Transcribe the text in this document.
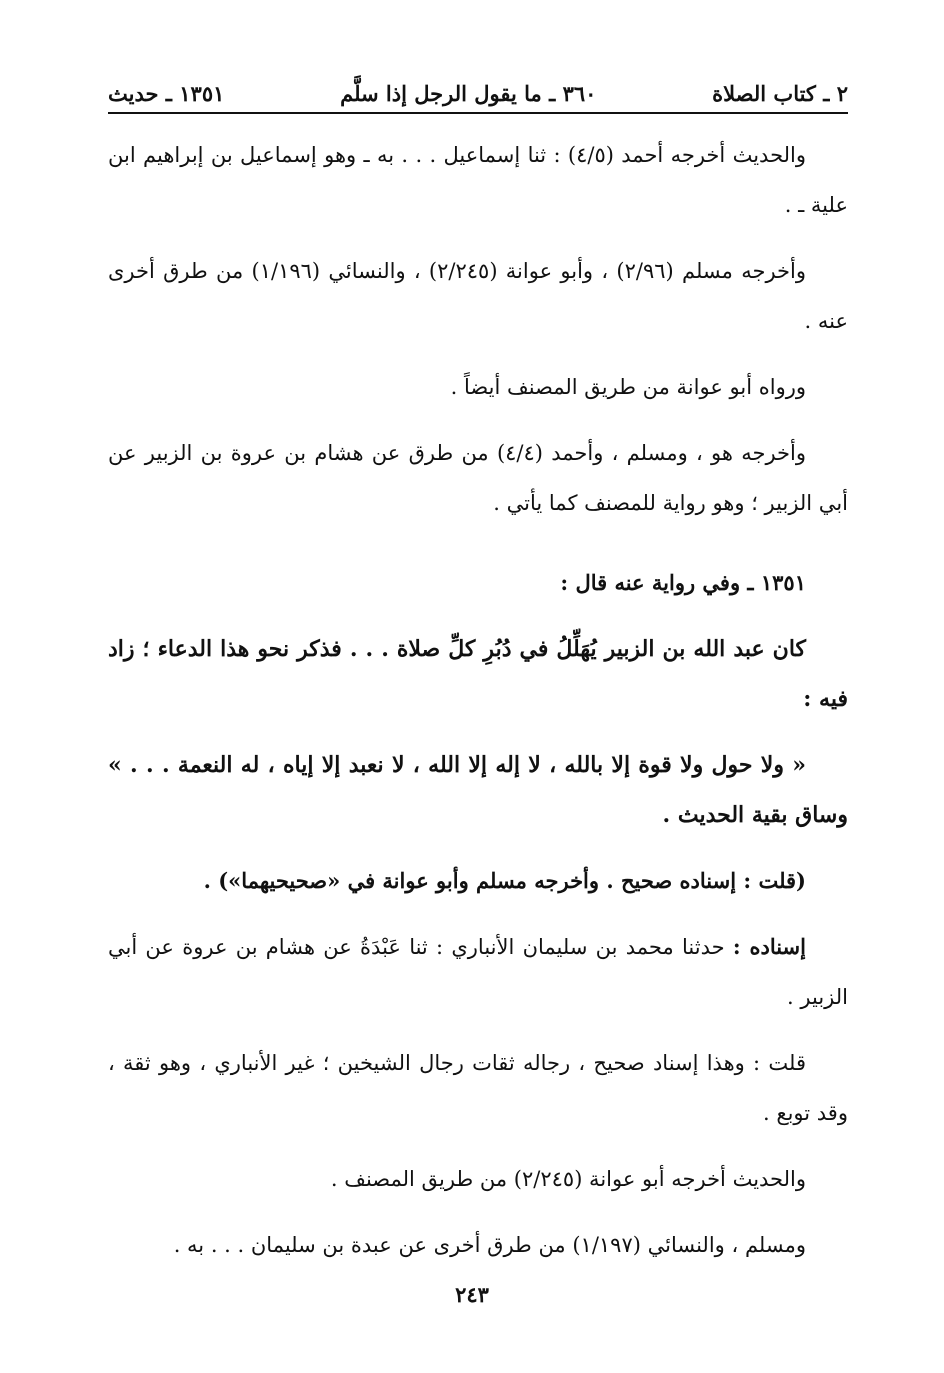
٢ ـ كتاب الصلاة
٣٦٠ ـ ما يقول الرجل إذا سلَّم
١٣٥١ ـ حديث

والحديث أخرجه أحمد (٤/٥) : ثنا إسماعيل . . . به ـ وهو إسماعيل بن إبراهيم ابن علية ـ .

وأخرجه مسلم (٢/٩٦) ، وأبو عوانة (٢/٢٤٥) ، والنسائي (١/١٩٦) من طرق أخرى عنه .

ورواه أبو عوانة من طريق المصنف أيضاً .

وأخرجه هو ، ومسلم ، وأحمد (٤/٤) من طرق عن هشام بن عروة بن الزبير عن أبي الزبير ؛ وهو رواية للمصنف كما يأتي .

١٣٥١ ـ وفي رواية عنه قال :

كان عبد الله بن الزبير يُهَلِّلُ في دُبُرِ كلِّ صلاة . . . فذكر نحو هذا الدعاء ؛ زاد فيه :

« ولا حول ولا قوة إلا بالله ، لا إله إلا الله ، لا نعبد إلا إياه ، له النعمة . . . » وساق بقية الحديث .

(قلت : إسناده صحيح . وأخرجه مسلم وأبو عوانة في «صحيحيهما») .

إسناده : حدثنا محمد بن سليمان الأنباري : ثنا عَبْدَةُ عن هشام بن عروة عن أبي الزبير .

قلت : وهذا إسناد صحيح ، رجاله ثقات رجال الشيخين ؛ غير الأنباري ، وهو ثقة ، وقد توبع .

والحديث أخرجه أبو عوانة (٢/٢٤٥) من طريق المصنف .

ومسلم ، والنسائي (١/١٩٧) من طرق أخرى عن عبدة بن سليمان . . . به .

٢٤٣
